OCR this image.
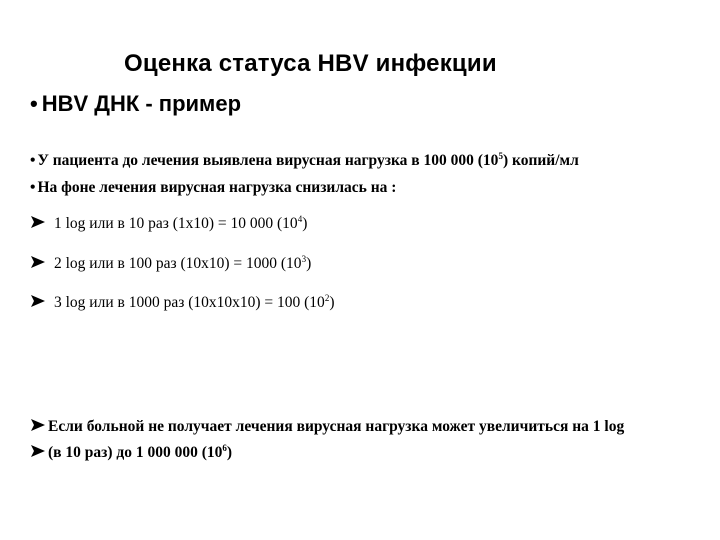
Оценка статуса HBV инфекции
• HBV ДНК - пример
• У пациента до лечения выявлена вирусная нагрузка в 100 000 $(10^5)$ копий/мл
• На фоне лечения вирусная нагрузка снизилась на :
1 log или в 10 раз (1х10) = 10 000 $(10^4)$
2 log или в 100 раз (10х10) = 1000 $(10^3)$
3 log или в 1000 раз (10х10х10) = 100 $(10^2)$
Если больной не получает лечения вирусная нагрузка может увеличиться на 1 log
(в 10 раз) до 1 000 000 $(10^6)$
